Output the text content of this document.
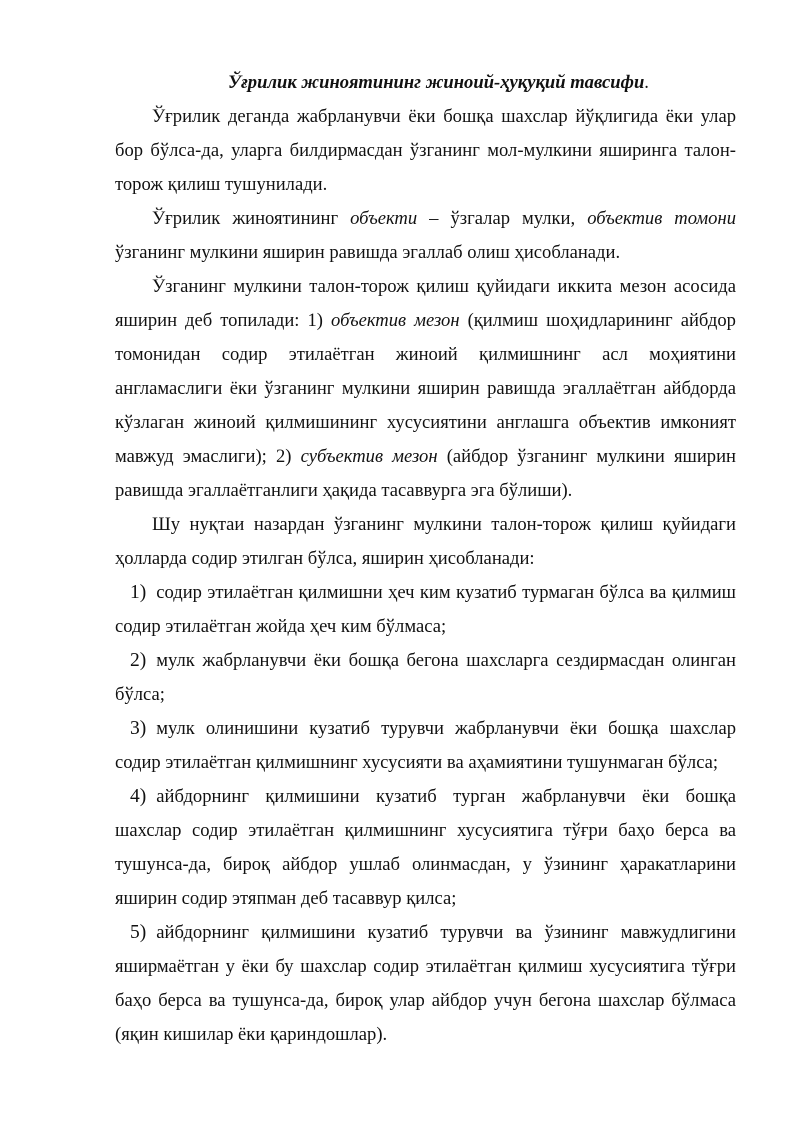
Ўғрилик жиноятининг жиноий-ҳуқуқий тавсифи.

Ўғрилик деганда жабрланувчи ёки бошқа шахслар йўқлигида ёки улар бор бўлса-да, уларга билдирмасдан ўзганинг мол-мулкини яширинга талон-торож қилиш тушунилади.

Ўғрилик жиноятининг объекти – ўзгалар мулки, объектив томони ўзганинг мулкини яширин равишда эгаллаб олиш ҳисобланади.

Ўзганинг мулкини талон-торож қилиш қуйидаги иккита мезон асосида яширин деб топилади: 1) объектив мезон (қилмиш шоҳидларининг айбдор томонидан содир этилаётган жиноий қилмишнинг асл моҳиятини англамаслиги ёки ўзганинг мулкини яширин равишда эгаллаётган айбдорда кўзлаган жиноий қилмишининг хусусиятини англашга объектив имконият мавжуд эмаслиги); 2) субъектив мезон (айбдор ўзганинг мулкини яширин равишда эгаллаётганлиги ҳақида тасаввурга эга бўлиши).

Шу нуқтаи назардан ўзганинг мулкини талон-торож қилиш қуйидаги ҳолларда содир этилган бўлса, яширин ҳисобланади:

1) содир этилаётган қилмишни ҳеч ким кузатиб турмаган бўлса ва қилмиш содир этилаётган жойда ҳеч ким бўлмаса;

2) мулк жабрланувчи ёки бошқа бегона шахсларга сездирмасдан олинган бўлса;

3) мулк олинишини кузатиб турувчи жабрланувчи ёки бошқа шахслар содир этилаётган қилмишнинг хусусияти ва аҳамиятини тушунмаган бўлса;

4) айбдорнинг қилмишини кузатиб турган жабрланувчи ёки бошқа шахслар содир этилаётган қилмишнинг хусусиятига тўғри баҳо берса ва тушунса-да, бироқ айбдор ушлаб олинмасдан, у ўзининг ҳаракатларини яширин содир этяпман деб тасаввур қилса;

5) айбдорнинг қилмишини кузатиб турувчи ва ўзининг мавжудлигини яширмаётган у ёки бу шахслар содир этилаётган қилмиш хусусиятига тўғри баҳо берса ва тушунса-да, бироқ улар айбдор учун бегона шахслар бўлмаса (яқин кишилар ёки қариндошлар).
